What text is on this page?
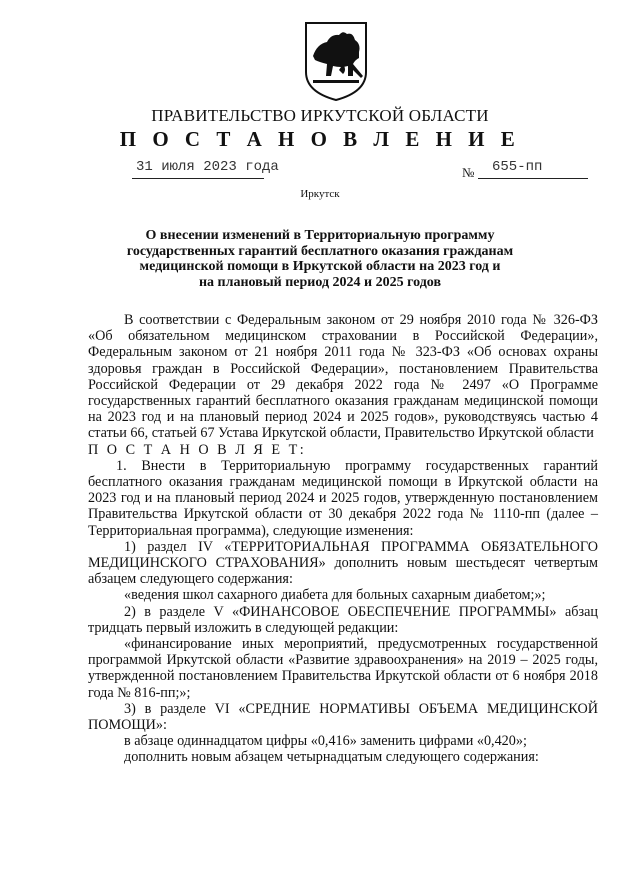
ПРАВИТЕЛЬСТВО ИРКУТСКОЙ ОБЛАСТИ
П О С Т А Н О В Л Е Н И Е
31 июля 2023 года	№ 655-пп
Иркутск
О внесении изменений в Территориальную программу
государственных гарантий бесплатного оказания гражданам
медицинской помощи в Иркутской области на 2023 год и
на плановый период 2024 и 2025 годов

В соответствии с Федеральным законом от 29 ноября 2010 года № 326-ФЗ «Об обязательном медицинском страховании в Российской Федерации», Федеральным законом от 21 ноября 2011 года № 323-ФЗ «Об основах охраны здоровья граждан в Российской Федерации», постановлением Правительства Российской Федерации от 29 декабря 2022 года № 2497 «О Программе государственных гарантий бесплатного оказания гражданам медицинской помощи на 2023 год и на плановый период 2024 и 2025 годов», руководствуясь частью 4 статьи 66, статьей 67 Устава Иркутской области, Правительство Иркутской области

П О С Т А Н О В Л Я Е Т:

1. Внести в Территориальную программу государственных гарантий бесплатного оказания гражданам медицинской помощи в Иркутской области на 2023 год и на плановый период 2024 и 2025 годов, утвержденную постановлением Правительства Иркутской области от 30 декабря 2022 года № 1110-пп (далее – Территориальная программа), следующие изменения:

1) раздел IV «ТЕРРИТОРИАЛЬНАЯ ПРОГРАММА ОБЯЗАТЕЛЬНОГО МЕДИЦИНСКОГО СТРАХОВАНИЯ» дополнить новым шестьдесят четвертым абзацем следующего содержания:

«ведения школ сахарного диабета для больных сахарным диабетом;»;

2) в разделе V «ФИНАНСОВОЕ ОБЕСПЕЧЕНИЕ ПРОГРАММЫ» абзац тридцать первый изложить в следующей редакции:

«финансирование иных мероприятий, предусмотренных государственной программой Иркутской области «Развитие здравоохранения» на 2019 – 2025 годы, утвержденной постановлением Правительства Иркутской области от 6 ноября 2018 года № 816-пп;»;

3) в разделе VI «СРЕДНИЕ НОРМАТИВЫ ОБЪЕМА МЕДИЦИНСКОЙ ПОМОЩИ»:

в абзаце одиннадцатом цифры «0,416» заменить цифрами «0,420»;

дополнить новым абзацем четырнадцатым следующего содержания:
